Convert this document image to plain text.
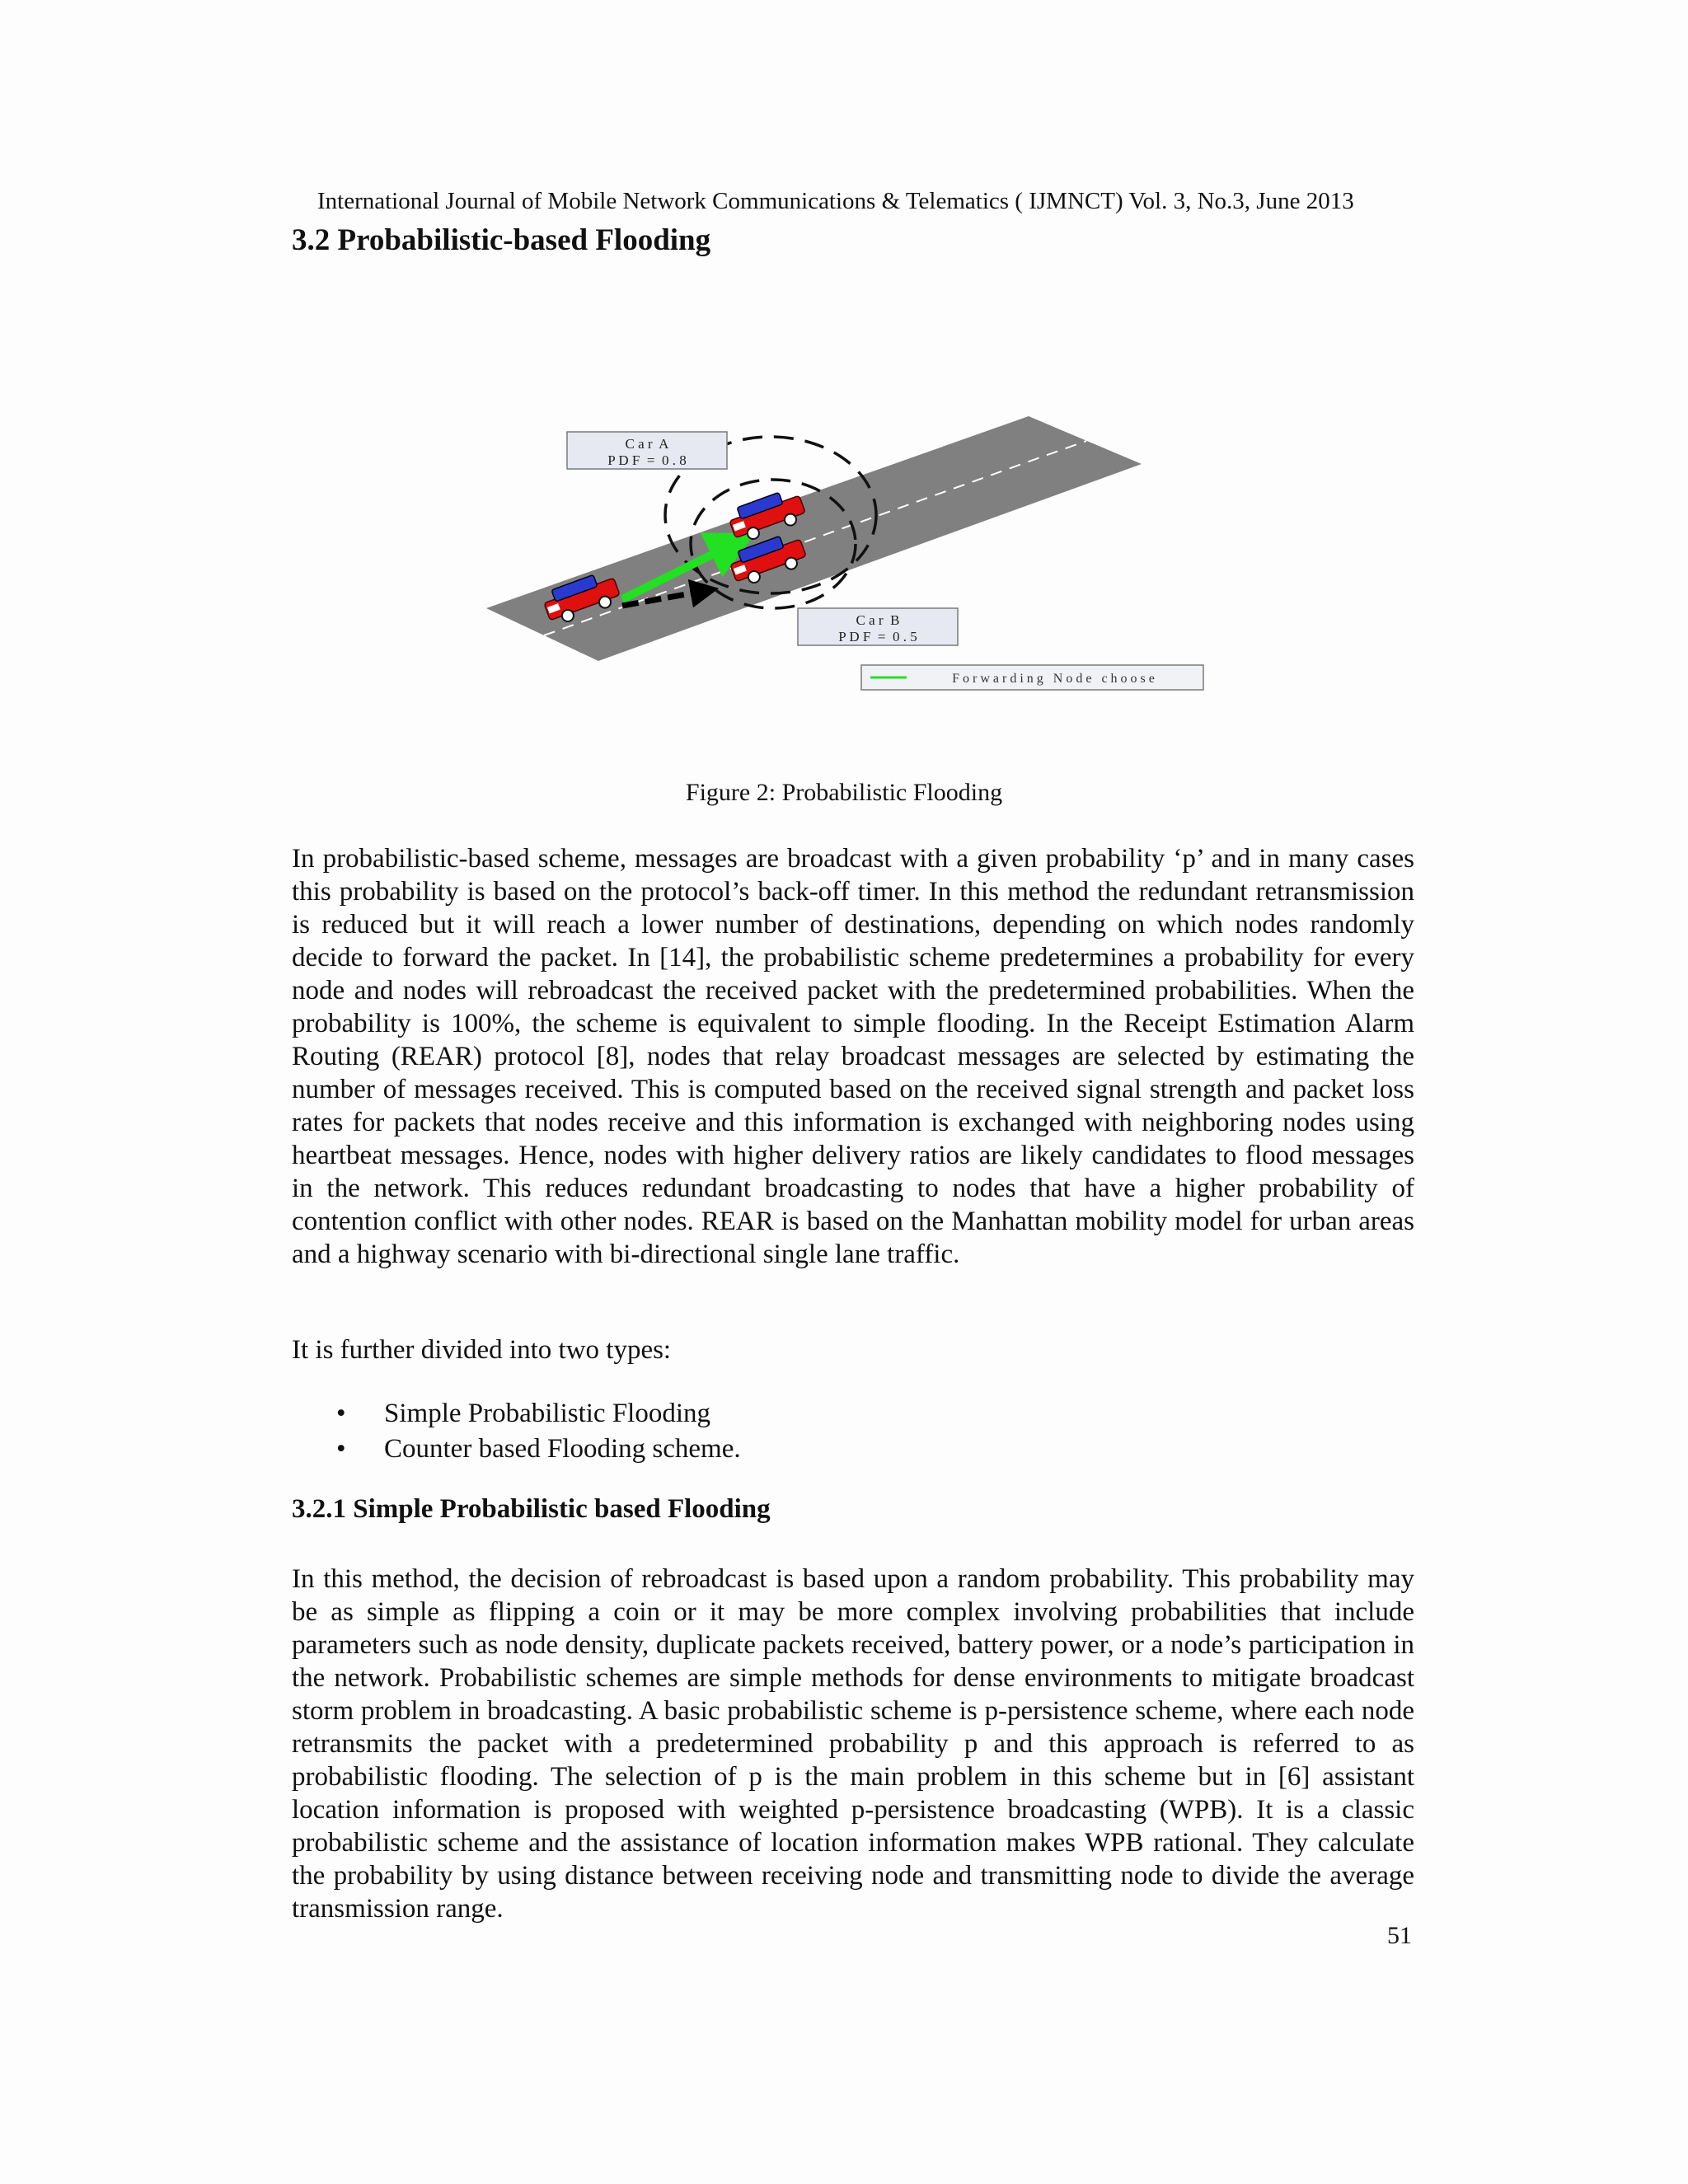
International Journal of Mobile Network Communications & Telematics ( IJMNCT) Vol. 3, No.3, June 2013
3.2 Probabilistic-based Flooding
C a r  A
P D F  =  0 . 8
C a r  B
P D F  =  0 . 5
F o r w a r d i n g   N o d e   c h o o s e
Figure 2: Probabilistic Flooding

In probabilistic-based scheme, messages are broadcast with a given probability ‘p’ and in many cases this probability is based on the protocol’s back-off timer. In this method the redundant retransmission is reduced but it will reach a lower number of destinations, depending on which nodes randomly decide to forward the packet. In [14], the probabilistic scheme predetermines a probability for every node and nodes will rebroadcast the received packet with the predetermined probabilities. When the probability is 100%, the scheme is equivalent to simple flooding. In the Receipt Estimation Alarm Routing (REAR) protocol [8], nodes that relay broadcast messages are selected by estimating the number of messages received. This is computed based on the received signal strength and packet loss rates for packets that nodes receive and this information is exchanged with neighboring nodes using heartbeat messages. Hence, nodes with higher delivery ratios are likely candidates to flood messages in the network. This reduces redundant broadcasting to nodes that have a higher probability of contention conflict with other nodes. REAR is based on the Manhattan mobility model for urban areas and a highway scenario with bi-directional single lane traffic.

It is further divided into two types:

• Simple Probabilistic Flooding
• Counter based Flooding scheme.
3.2.1 Simple Probabilistic based Flooding

In this method, the decision of rebroadcast is based upon a random probability. This probability may be as simple as flipping a coin or it may be more complex involving probabilities that include parameters such as node density, duplicate packets received, battery power, or a node’s participation in the network. Probabilistic schemes are simple methods for dense environments to mitigate broadcast storm problem in broadcasting. A basic probabilistic scheme is p-persistence scheme, where each node retransmits the packet with a predetermined probability p and this approach is referred to as probabilistic flooding. The selection of p is the main problem in this scheme but in [6] assistant location information is proposed with weighted p-persistence broadcasting (WPB). It is a classic probabilistic scheme and the assistance of location information makes WPB rational. They calculate the probability by using distance between receiving node and transmitting node to divide the average transmission range.

51
